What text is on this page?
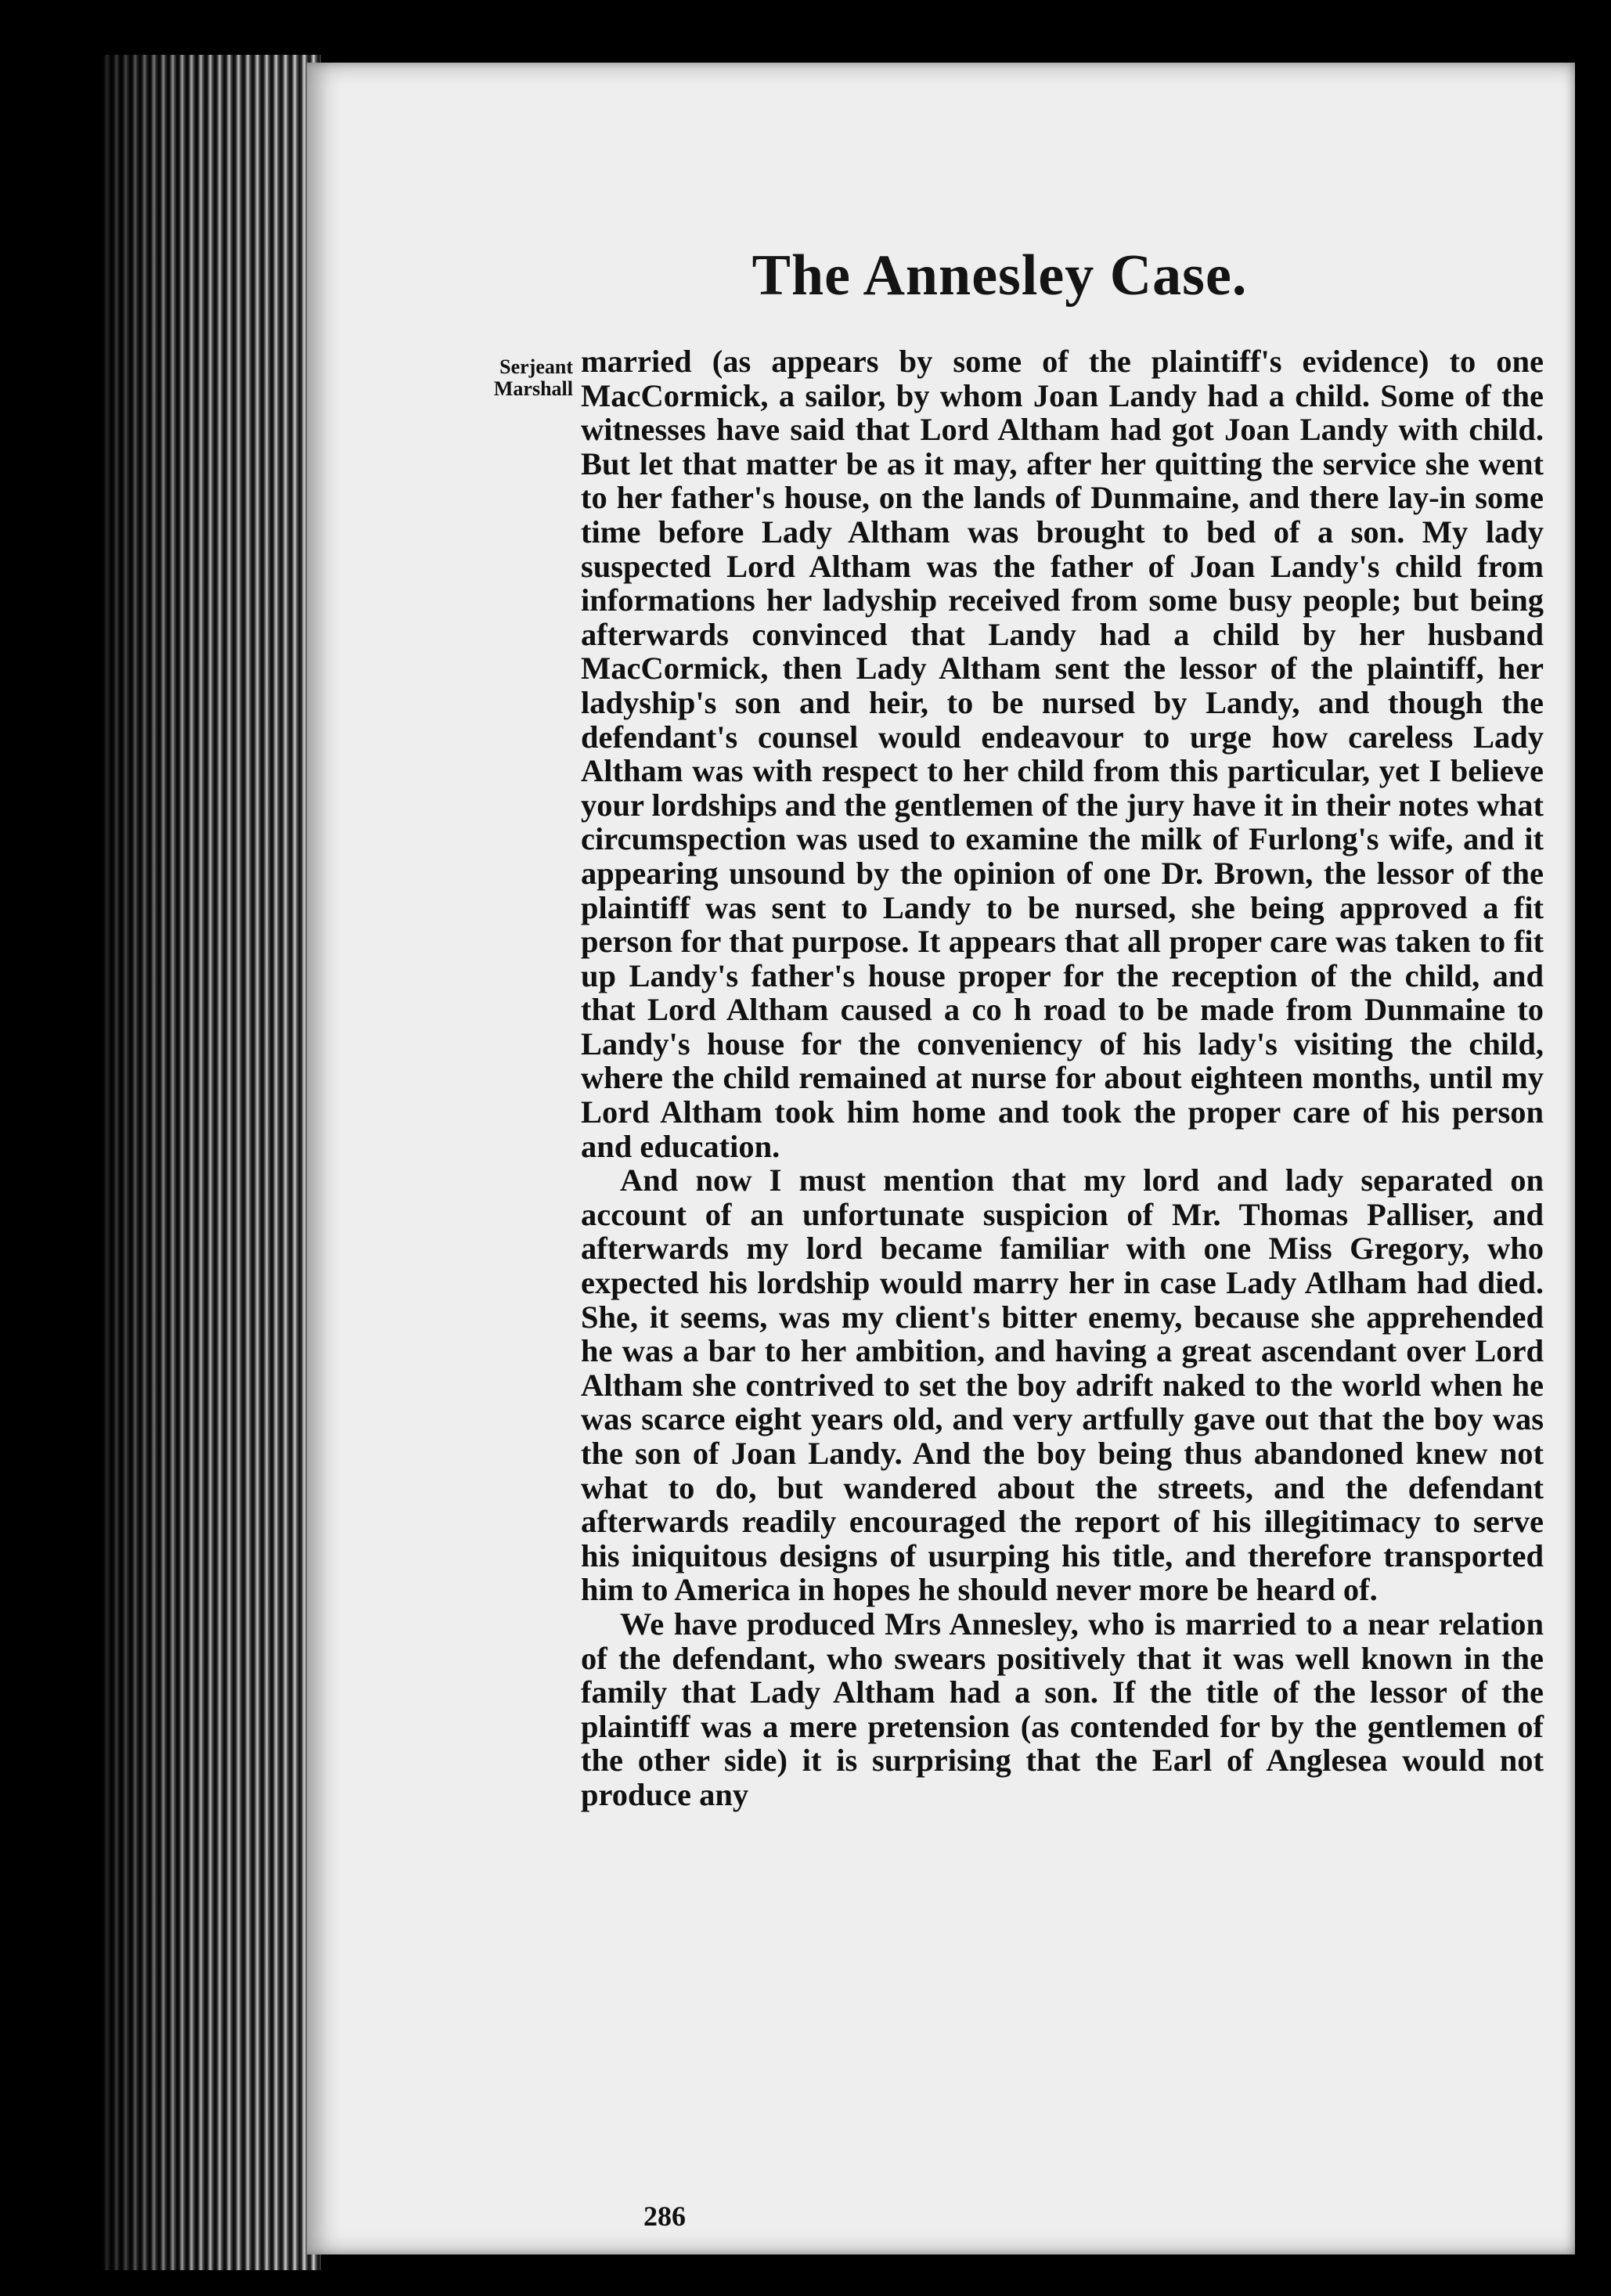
The Annesley Case.
Serjeant
Marshall

married (as appears by some of the plaintiff's evidence) to one MacCormick, a sailor, by whom Joan Landy had a child. Some of the witnesses have said that Lord Altham had got Joan Landy with child. But let that matter be as it may, after her quitting the service she went to her father's house, on the lands of Dunmaine, and there lay-in some time before Lady Altham was brought to bed of a son. My lady suspected Lord Altham was the father of Joan Landy's child from informations her ladyship received from some busy people; but being afterwards convinced that Landy had a child by her husband MacCormick, then Lady Altham sent the lessor of the plaintiff, her ladyship's son and heir, to be nursed by Landy, and though the defendant's counsel would endeavour to urge how careless Lady Altham was with respect to her child from this particular, yet I believe your lordships and the gentlemen of the jury have it in their notes what circumspection was used to examine the milk of Furlong's wife, and it appearing unsound by the opinion of one Dr. Brown, the lessor of the plaintiff was sent to Landy to be nursed, she being approved a fit person for that purpose. It appears that all proper care was taken to fit up Landy's father's house proper for the reception of the child, and that Lord Altham caused a co h road to be made from Dunmaine to Landy's house for the conveniency of his lady's visiting the child, where the child remained at nurse for about eighteen months, until my Lord Altham took him home and took the proper care of his person and education.

And now I must mention that my lord and lady separated on account of an unfortunate suspicion of Mr. Thomas Palliser, and afterwards my lord became familiar with one Miss Gregory, who expected his lordship would marry her in case Lady Atlham had died. She, it seems, was my client's bitter enemy, because she apprehended he was a bar to her ambition, and having a great ascendant over Lord Altham she contrived to set the boy adrift naked to the world when he was scarce eight years old, and very artfully gave out that the boy was the son of Joan Landy. And the boy being thus abandoned knew not what to do, but wandered about the streets, and the defendant afterwards readily encouraged the report of his illegitimacy to serve his iniquitous designs of usurping his title, and therefore transported him to America in hopes he should never more be heard of.

We have produced Mrs Annesley, who is married to a near relation of the defendant, who swears positively that it was well known in the family that Lady Altham had a son. If the title of the lessor of the plaintiff was a mere pretension (as contended for by the gentlemen of the other side) it is surprising that the Earl of Anglesea would not produce any

286
